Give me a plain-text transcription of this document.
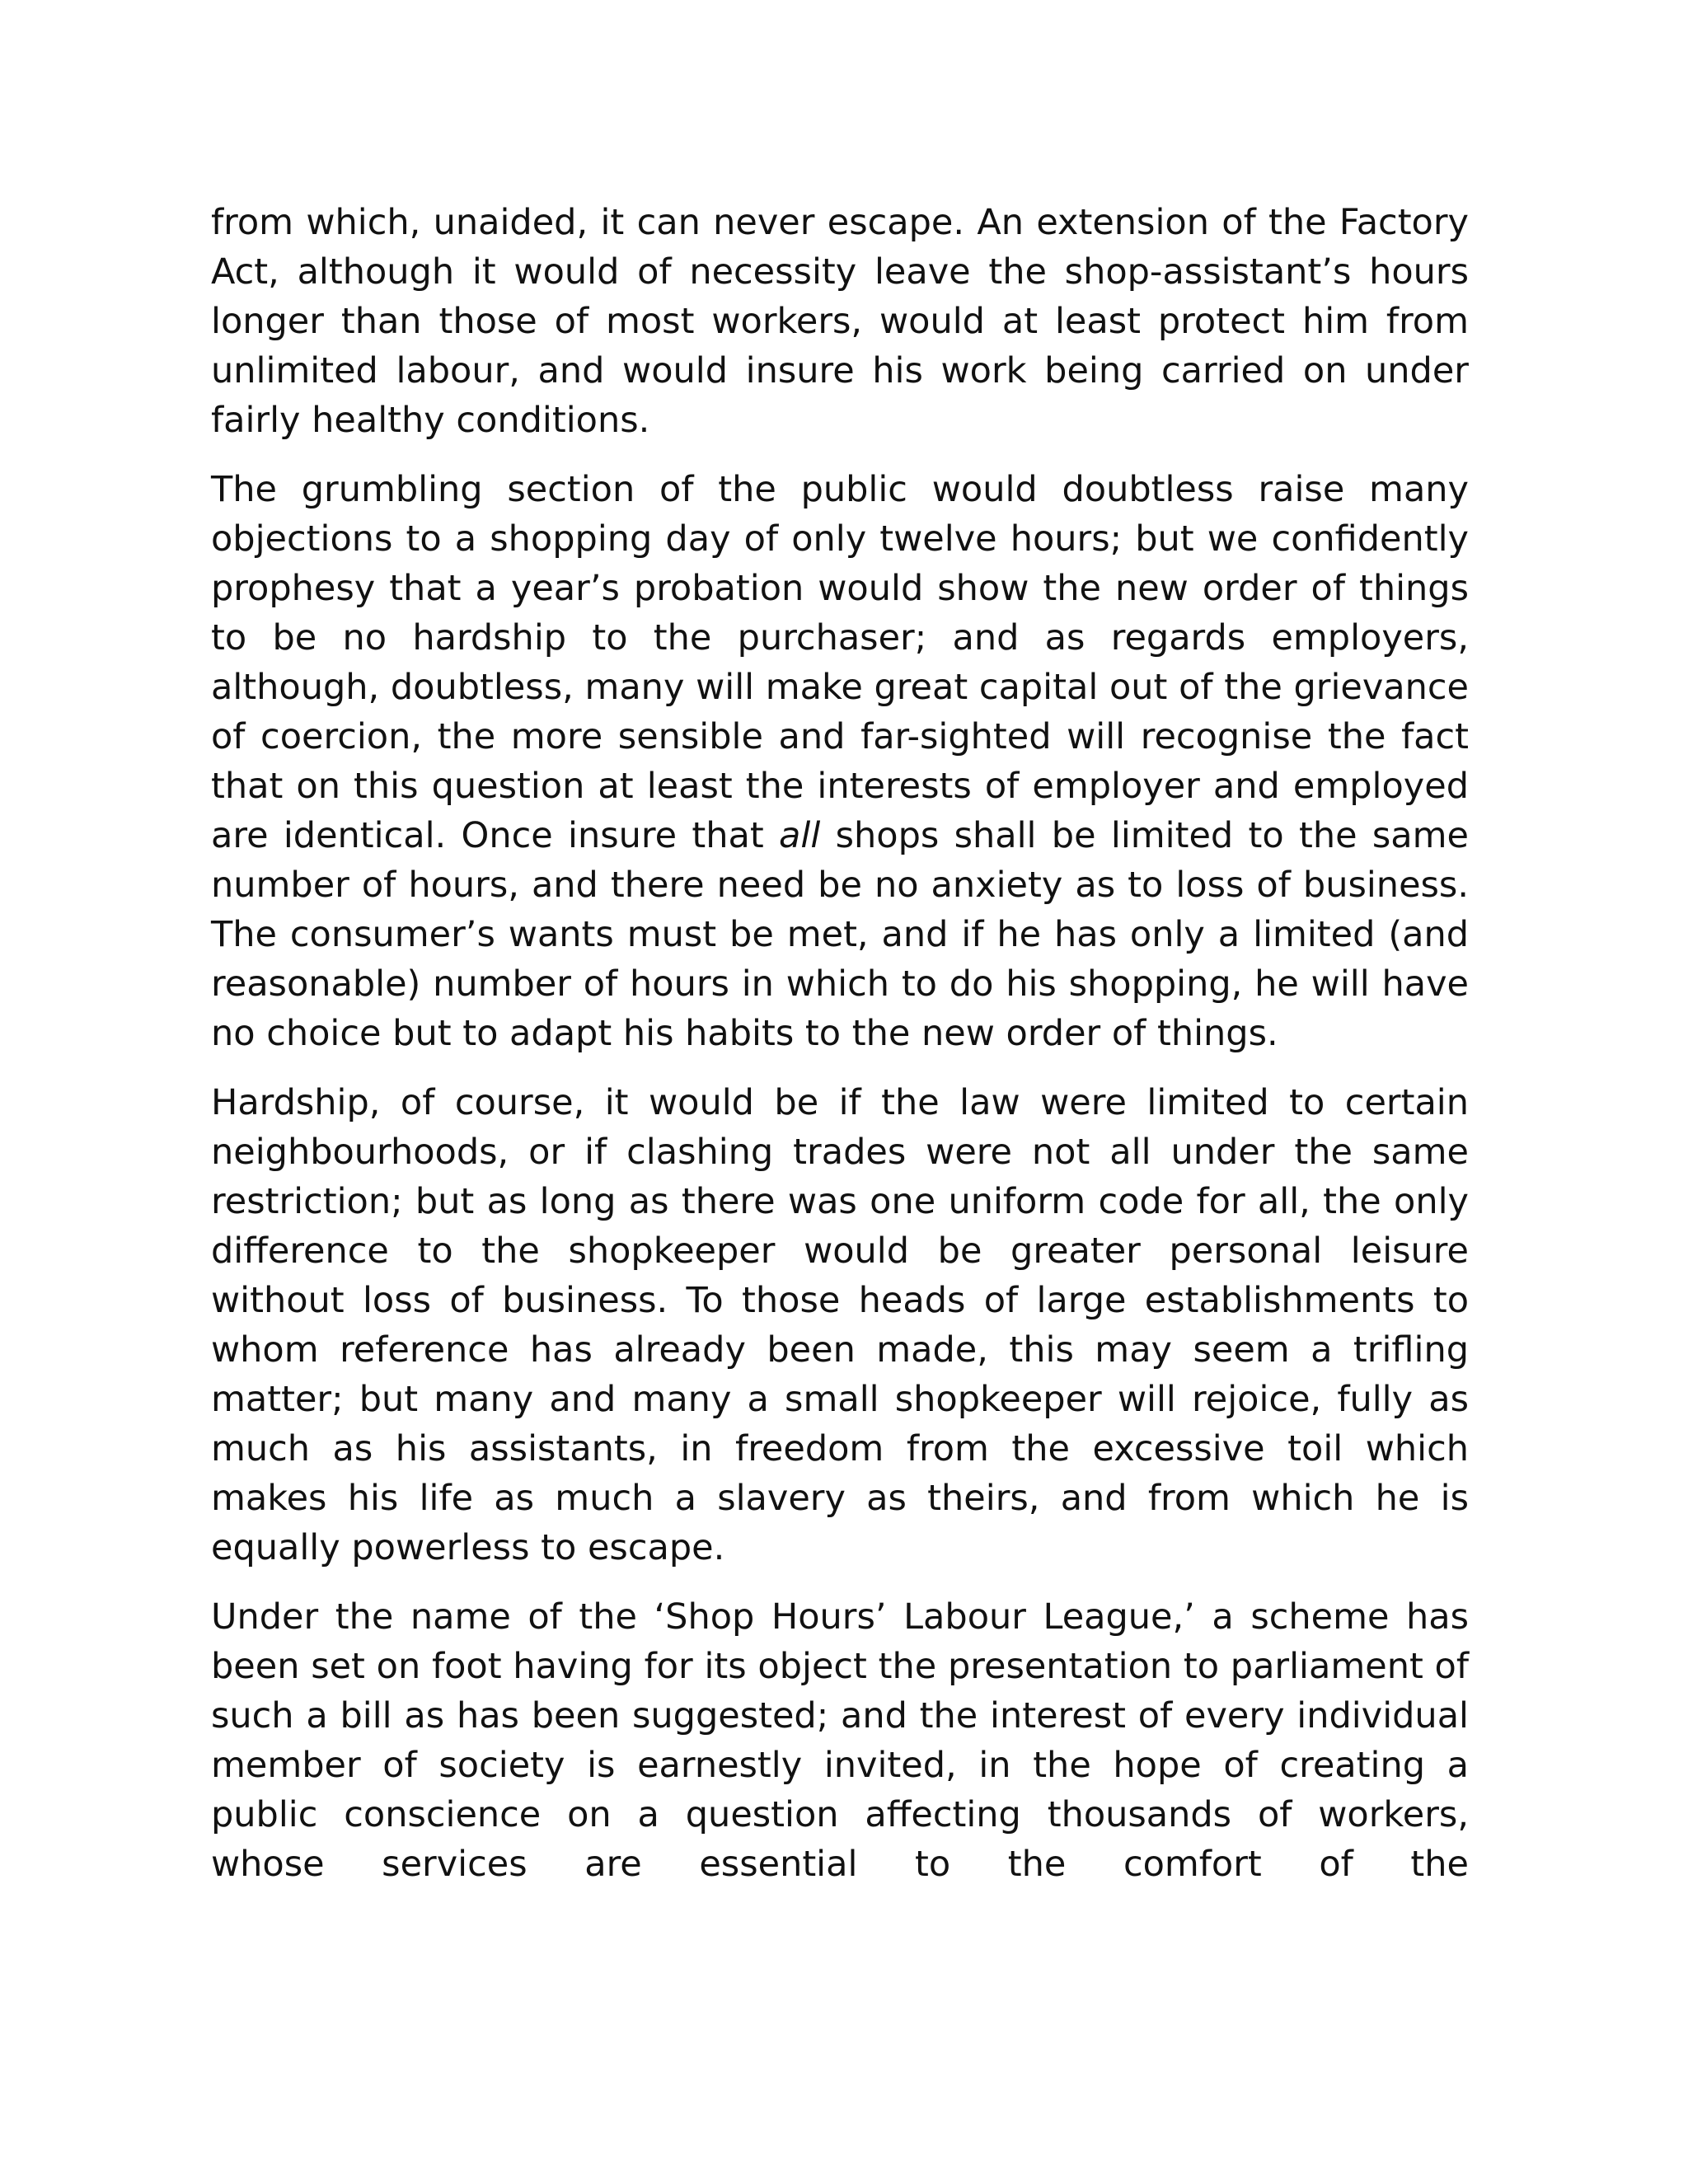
from which, unaided, it can never escape. An extension of the Factory Act, although it would of necessity leave the shop-assistant’s hours longer than those of most workers, would at least protect him from unlimited labour, and would insure his work being carried on under fairly healthy conditions.

The grumbling section of the public would doubtless raise many objections to a shopping day of only twelve hours; but we confidently prophesy that a year’s probation would show the new order of things to be no hardship to the purchaser; and as regards employers, although, doubtless, many will make great capital out of the grievance of coercion, the more sensible and far-sighted will recognise the fact that on this question at least the interests of employer and employed are identical. Once insure that all shops shall be limited to the same number of hours, and there need be no anxiety as to loss of business. The consumer’s wants must be met, and if he has only a limited (and reasonable) number of hours in which to do his shopping, he will have no choice but to adapt his habits to the new order of things.

Hardship, of course, it would be if the law were limited to certain neighbourhoods, or if clashing trades were not all under the same restriction; but as long as there was one uniform code for all, the only difference to the shopkeeper would be greater personal leisure without loss of business. To those heads of large establishments to whom reference has already been made, this may seem a trifling matter; but many and many a small shopkeeper will rejoice, fully as much as his assistants, in freedom from the excessive toil which makes his life as much a slavery as theirs, and from which he is equally powerless to escape.

Under the name of the ‘Shop Hours’ Labour League,’ a scheme has been set on foot having for its object the presentation to parliament of such a bill as has been suggested; and the interest of every individual member of society is earnestly invited, in the hope of creating a public conscience on a question affecting thousands of workers, whose services are essential to the comfort of the
